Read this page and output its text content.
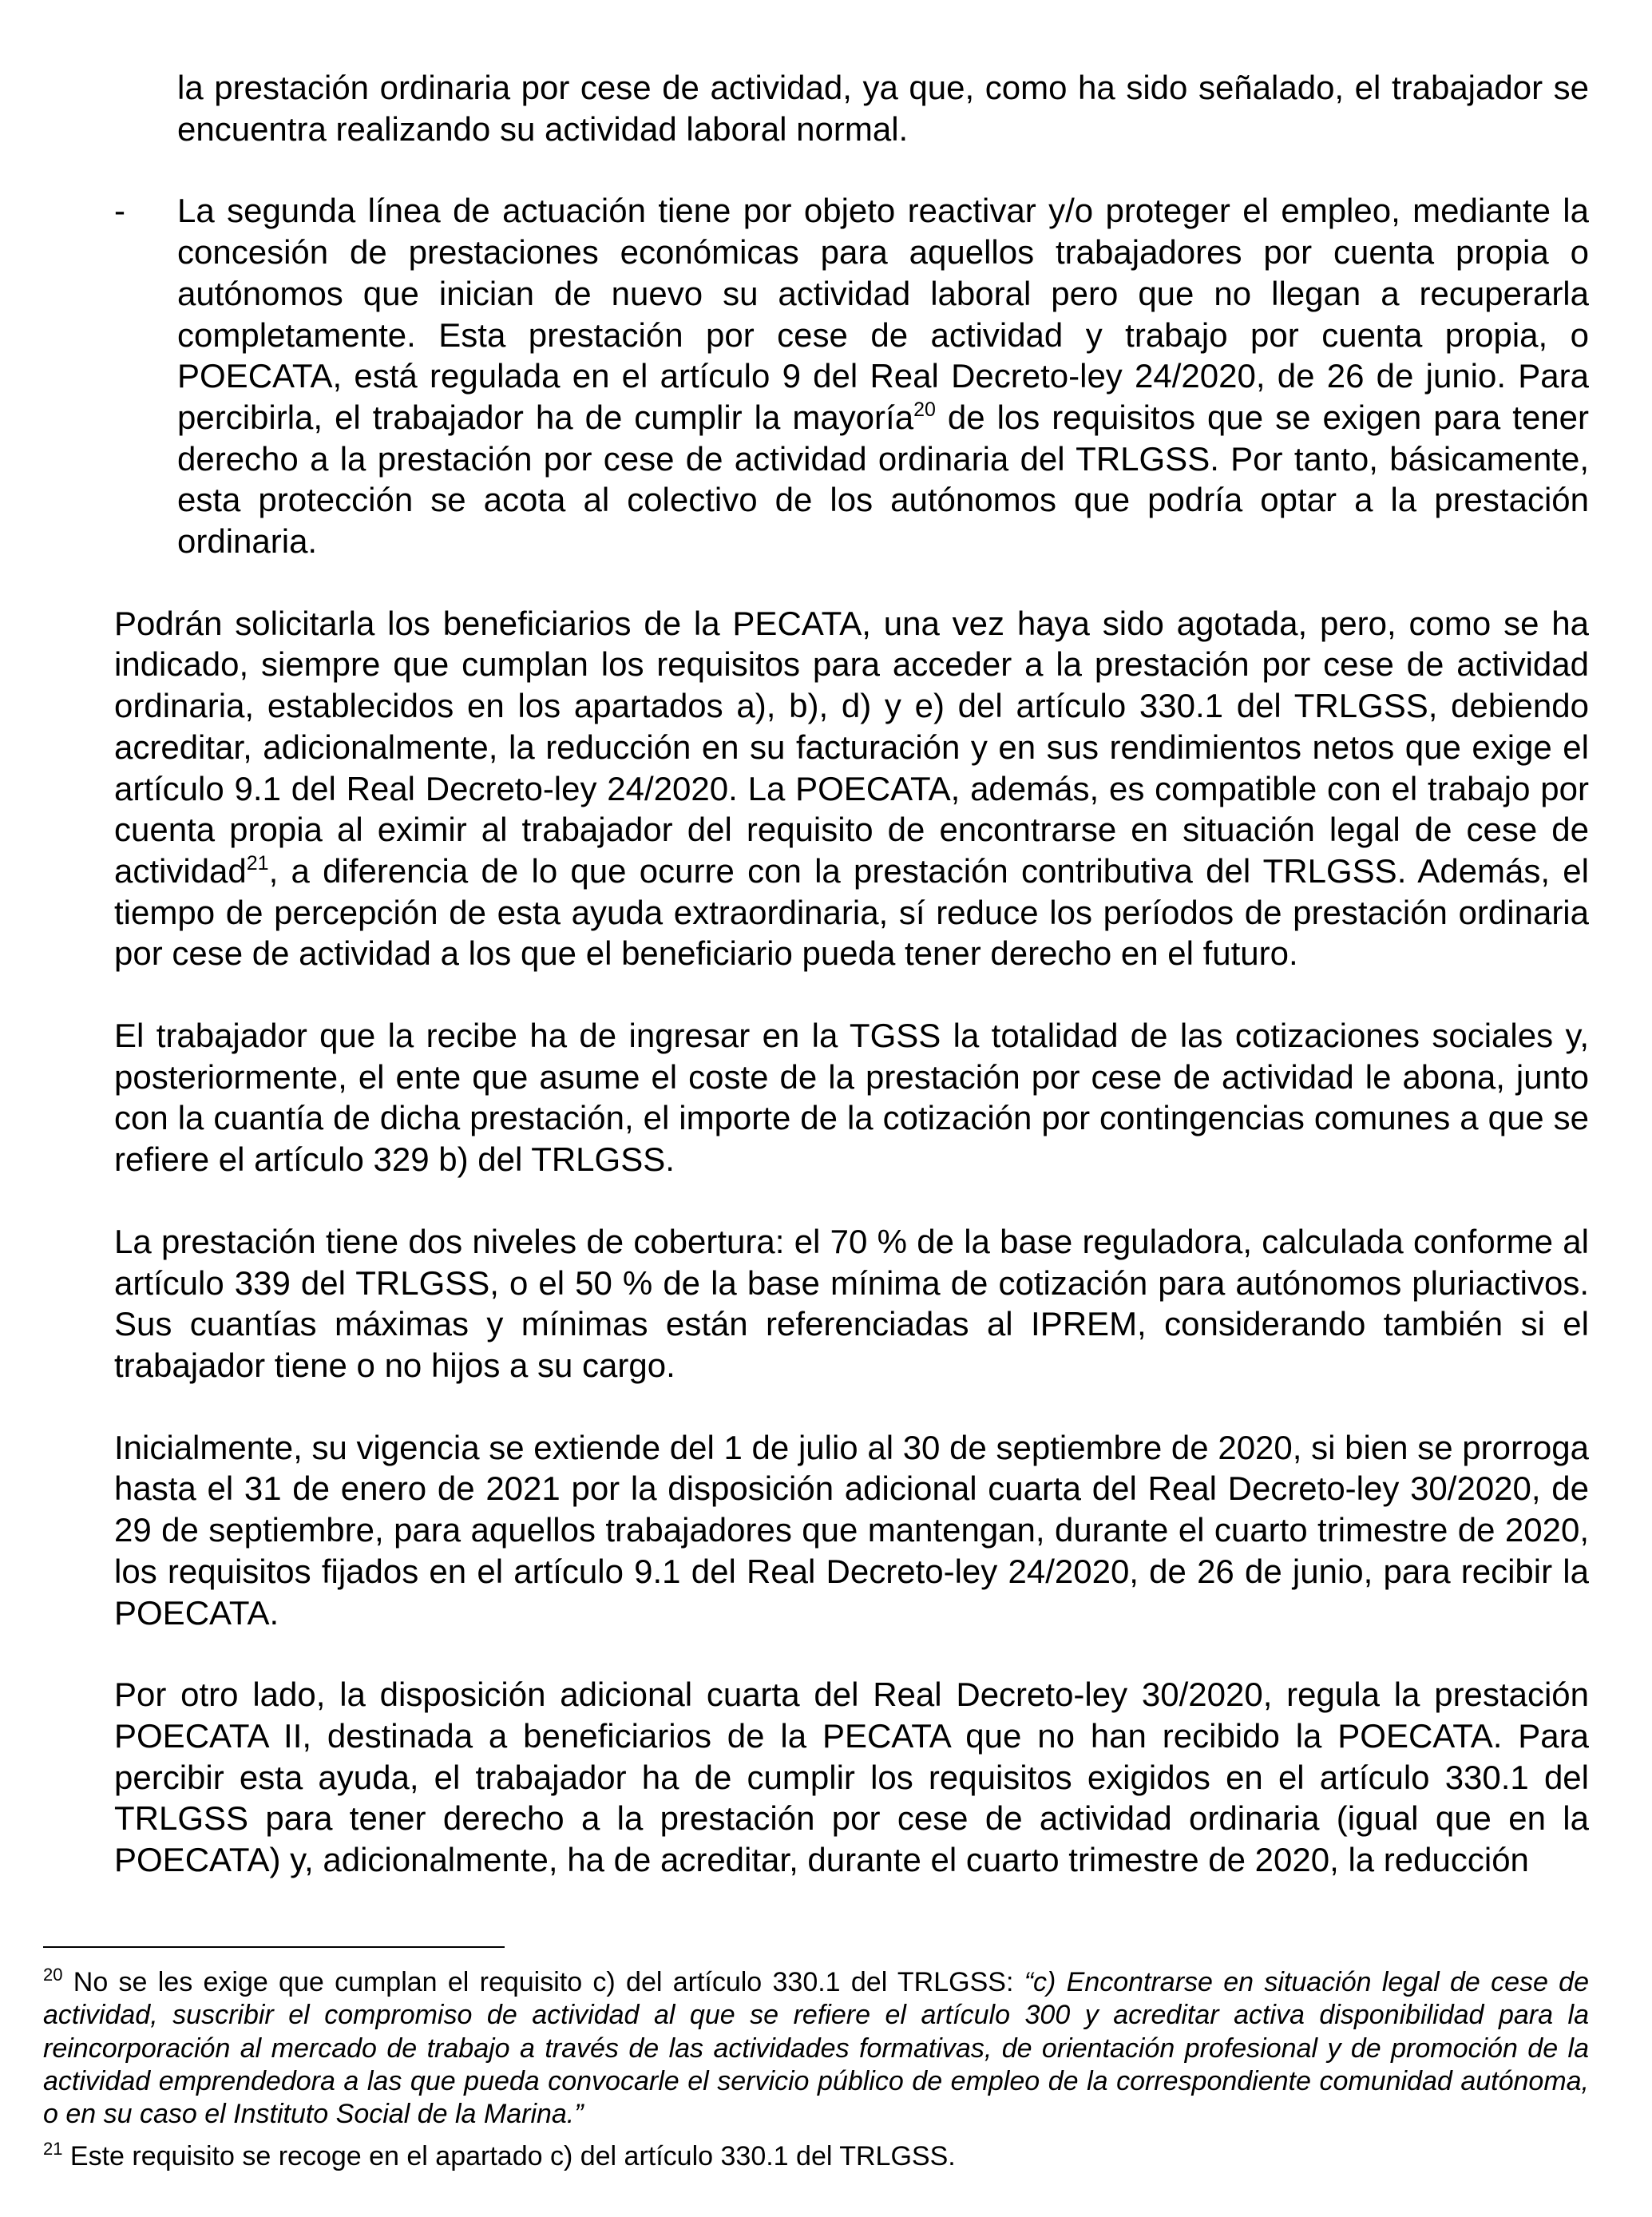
la prestación ordinaria por cese de actividad, ya que, como ha sido señalado, el trabajador se encuentra realizando su actividad laboral normal.

- La segunda línea de actuación tiene por objeto reactivar y/o proteger el empleo, mediante la concesión de prestaciones económicas para aquellos trabajadores por cuenta propia o autónomos que inician de nuevo su actividad laboral pero que no llegan a recuperarla completamente. Esta prestación por cese de actividad y trabajo por cuenta propia, o POECATA, está regulada en el artículo 9 del Real Decreto-ley 24/2020, de 26 de junio. Para percibirla, el trabajador ha de cumplir la mayoría$^{20}$ de los requisitos que se exigen para tener derecho a la prestación por cese de actividad ordinaria del TRLGSS. Por tanto, básicamente, esta protección se acota al colectivo de los autónomos que podría optar a la prestación ordinaria.

Podrán solicitarla los beneficiarios de la PECATA, una vez haya sido agotada, pero, como se ha indicado, siempre que cumplan los requisitos para acceder a la prestación por cese de actividad ordinaria, establecidos en los apartados a), b), d) y e) del artículo 330.1 del TRLGSS, debiendo acreditar, adicionalmente, la reducción en su facturación y en sus rendimientos netos que exige el artículo 9.1 del Real Decreto-ley 24/2020. La POECATA, además, es compatible con el trabajo por cuenta propia al eximir al trabajador del requisito de encontrarse en situación legal de cese de actividad$^{21}$, a diferencia de lo que ocurre con la prestación contributiva del TRLGSS. Además, el tiempo de percepción de esta ayuda extraordinaria, sí reduce los períodos de prestación ordinaria por cese de actividad a los que el beneficiario pueda tener derecho en el futuro.

El trabajador que la recibe ha de ingresar en la TGSS la totalidad de las cotizaciones sociales y, posteriormente, el ente que asume el coste de la prestación por cese de actividad le abona, junto con la cuantía de dicha prestación, el importe de la cotización por contingencias comunes a que se refiere el artículo 329 b) del TRLGSS.

La prestación tiene dos niveles de cobertura: el 70 % de la base reguladora, calculada conforme al artículo 339 del TRLGSS, o el 50 % de la base mínima de cotización para autónomos pluriactivos. Sus cuantías máximas y mínimas están referenciadas al IPREM, considerando también si el trabajador tiene o no hijos a su cargo.

Inicialmente, su vigencia se extiende del 1 de julio al 30 de septiembre de 2020, si bien se prorroga hasta el 31 de enero de 2021 por la disposición adicional cuarta del Real Decreto-ley 30/2020, de 29 de septiembre, para aquellos trabajadores que mantengan, durante el cuarto trimestre de 2020, los requisitos fijados en el artículo 9.1 del Real Decreto-ley 24/2020, de 26 de junio, para recibir la POECATA.

Por otro lado, la disposición adicional cuarta del Real Decreto-ley 30/2020, regula la prestación POECATA II, destinada a beneficiarios de la PECATA que no han recibido la POECATA. Para percibir esta ayuda, el trabajador ha de cumplir los requisitos exigidos en el artículo 330.1 del TRLGSS para tener derecho a la prestación por cese de actividad ordinaria (igual que en la POECATA) y, adicionalmente, ha de acreditar, durante el cuarto trimestre de 2020, la reducción

$^{20}$ No se les exige que cumplan el requisito c) del artículo 330.1 del TRLGSS: “c) Encontrarse en situación legal de cese de actividad, suscribir el compromiso de actividad al que se refiere el artículo 300 y acreditar activa disponibilidad para la reincorporación al mercado de trabajo a través de las actividades formativas, de orientación profesional y de promoción de la actividad emprendedora a las que pueda convocarle el servicio público de empleo de la correspondiente comunidad autónoma, o en su caso el Instituto Social de la Marina.”

$^{21}$ Este requisito se recoge en el apartado c) del artículo 330.1 del TRLGSS.
